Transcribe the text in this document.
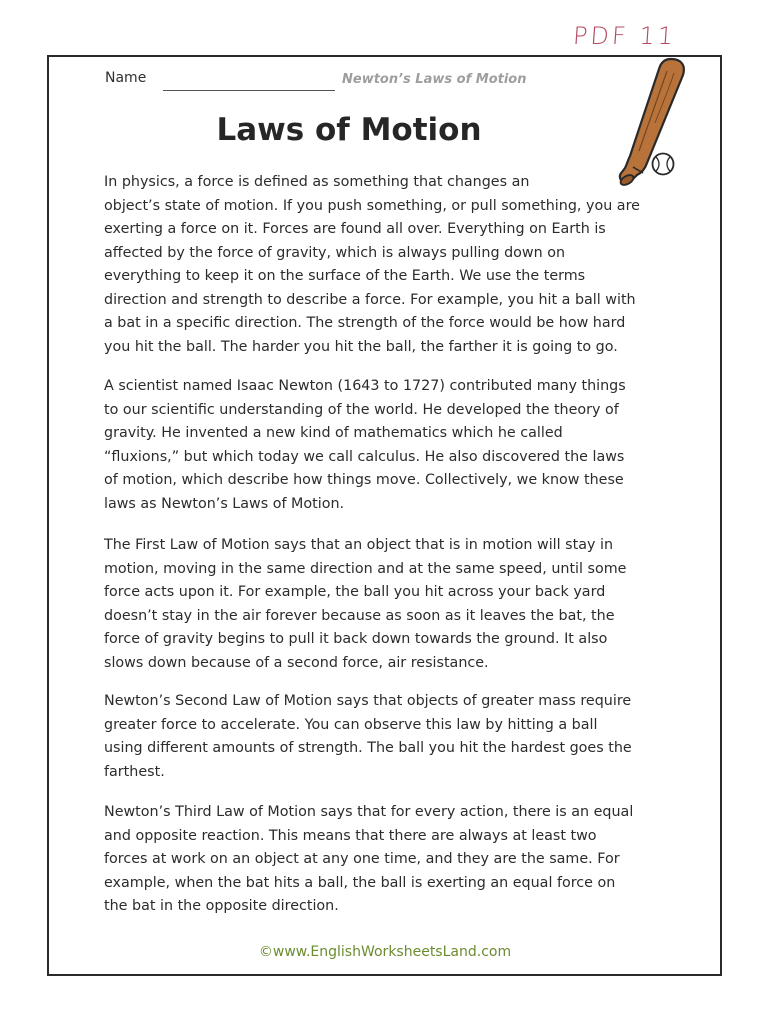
PDF 11
Name	Newton’s Laws of Motion
Laws of Motion
In physics, a force is defined as something that changes an
object’s state of motion. If you push something, or pull something, you are
exerting a force on it. Forces are found all over. Everything on Earth is
affected by the force of gravity, which is always pulling down on
everything to keep it on the surface of the Earth. We use the terms
direction and strength to describe a force. For example, you hit a ball with
a bat in a specific direction. The strength of the force would be how hard
you hit the ball. The harder you hit the ball, the farther it is going to go.
A scientist named Isaac Newton (1643 to 1727) contributed many things
to our scientific understanding of the world. He developed the theory of
gravity. He invented a new kind of mathematics which he called
“fluxions,” but which today we call calculus. He also discovered the laws
of motion, which describe how things move. Collectively, we know these
laws as Newton’s Laws of Motion.
The First Law of Motion says that an object that is in motion will stay in
motion, moving in the same direction and at the same speed, until some
force acts upon it. For example, the ball you hit across your back yard
doesn’t stay in the air forever because as soon as it leaves the bat, the
force of gravity begins to pull it back down towards the ground. It also
slows down because of a second force, air resistance.
Newton’s Second Law of Motion says that objects of greater mass require
greater force to accelerate. You can observe this law by hitting a ball
using different amounts of strength. The ball you hit the hardest goes the
farthest.
Newton’s Third Law of Motion says that for every action, there is an equal
and opposite reaction. This means that there are always at least two
forces at work on an object at any one time, and they are the same. For
example, when the bat hits a ball, the ball is exerting an equal force on
the bat in the opposite direction.
©www.EnglishWorksheetsLand.com
